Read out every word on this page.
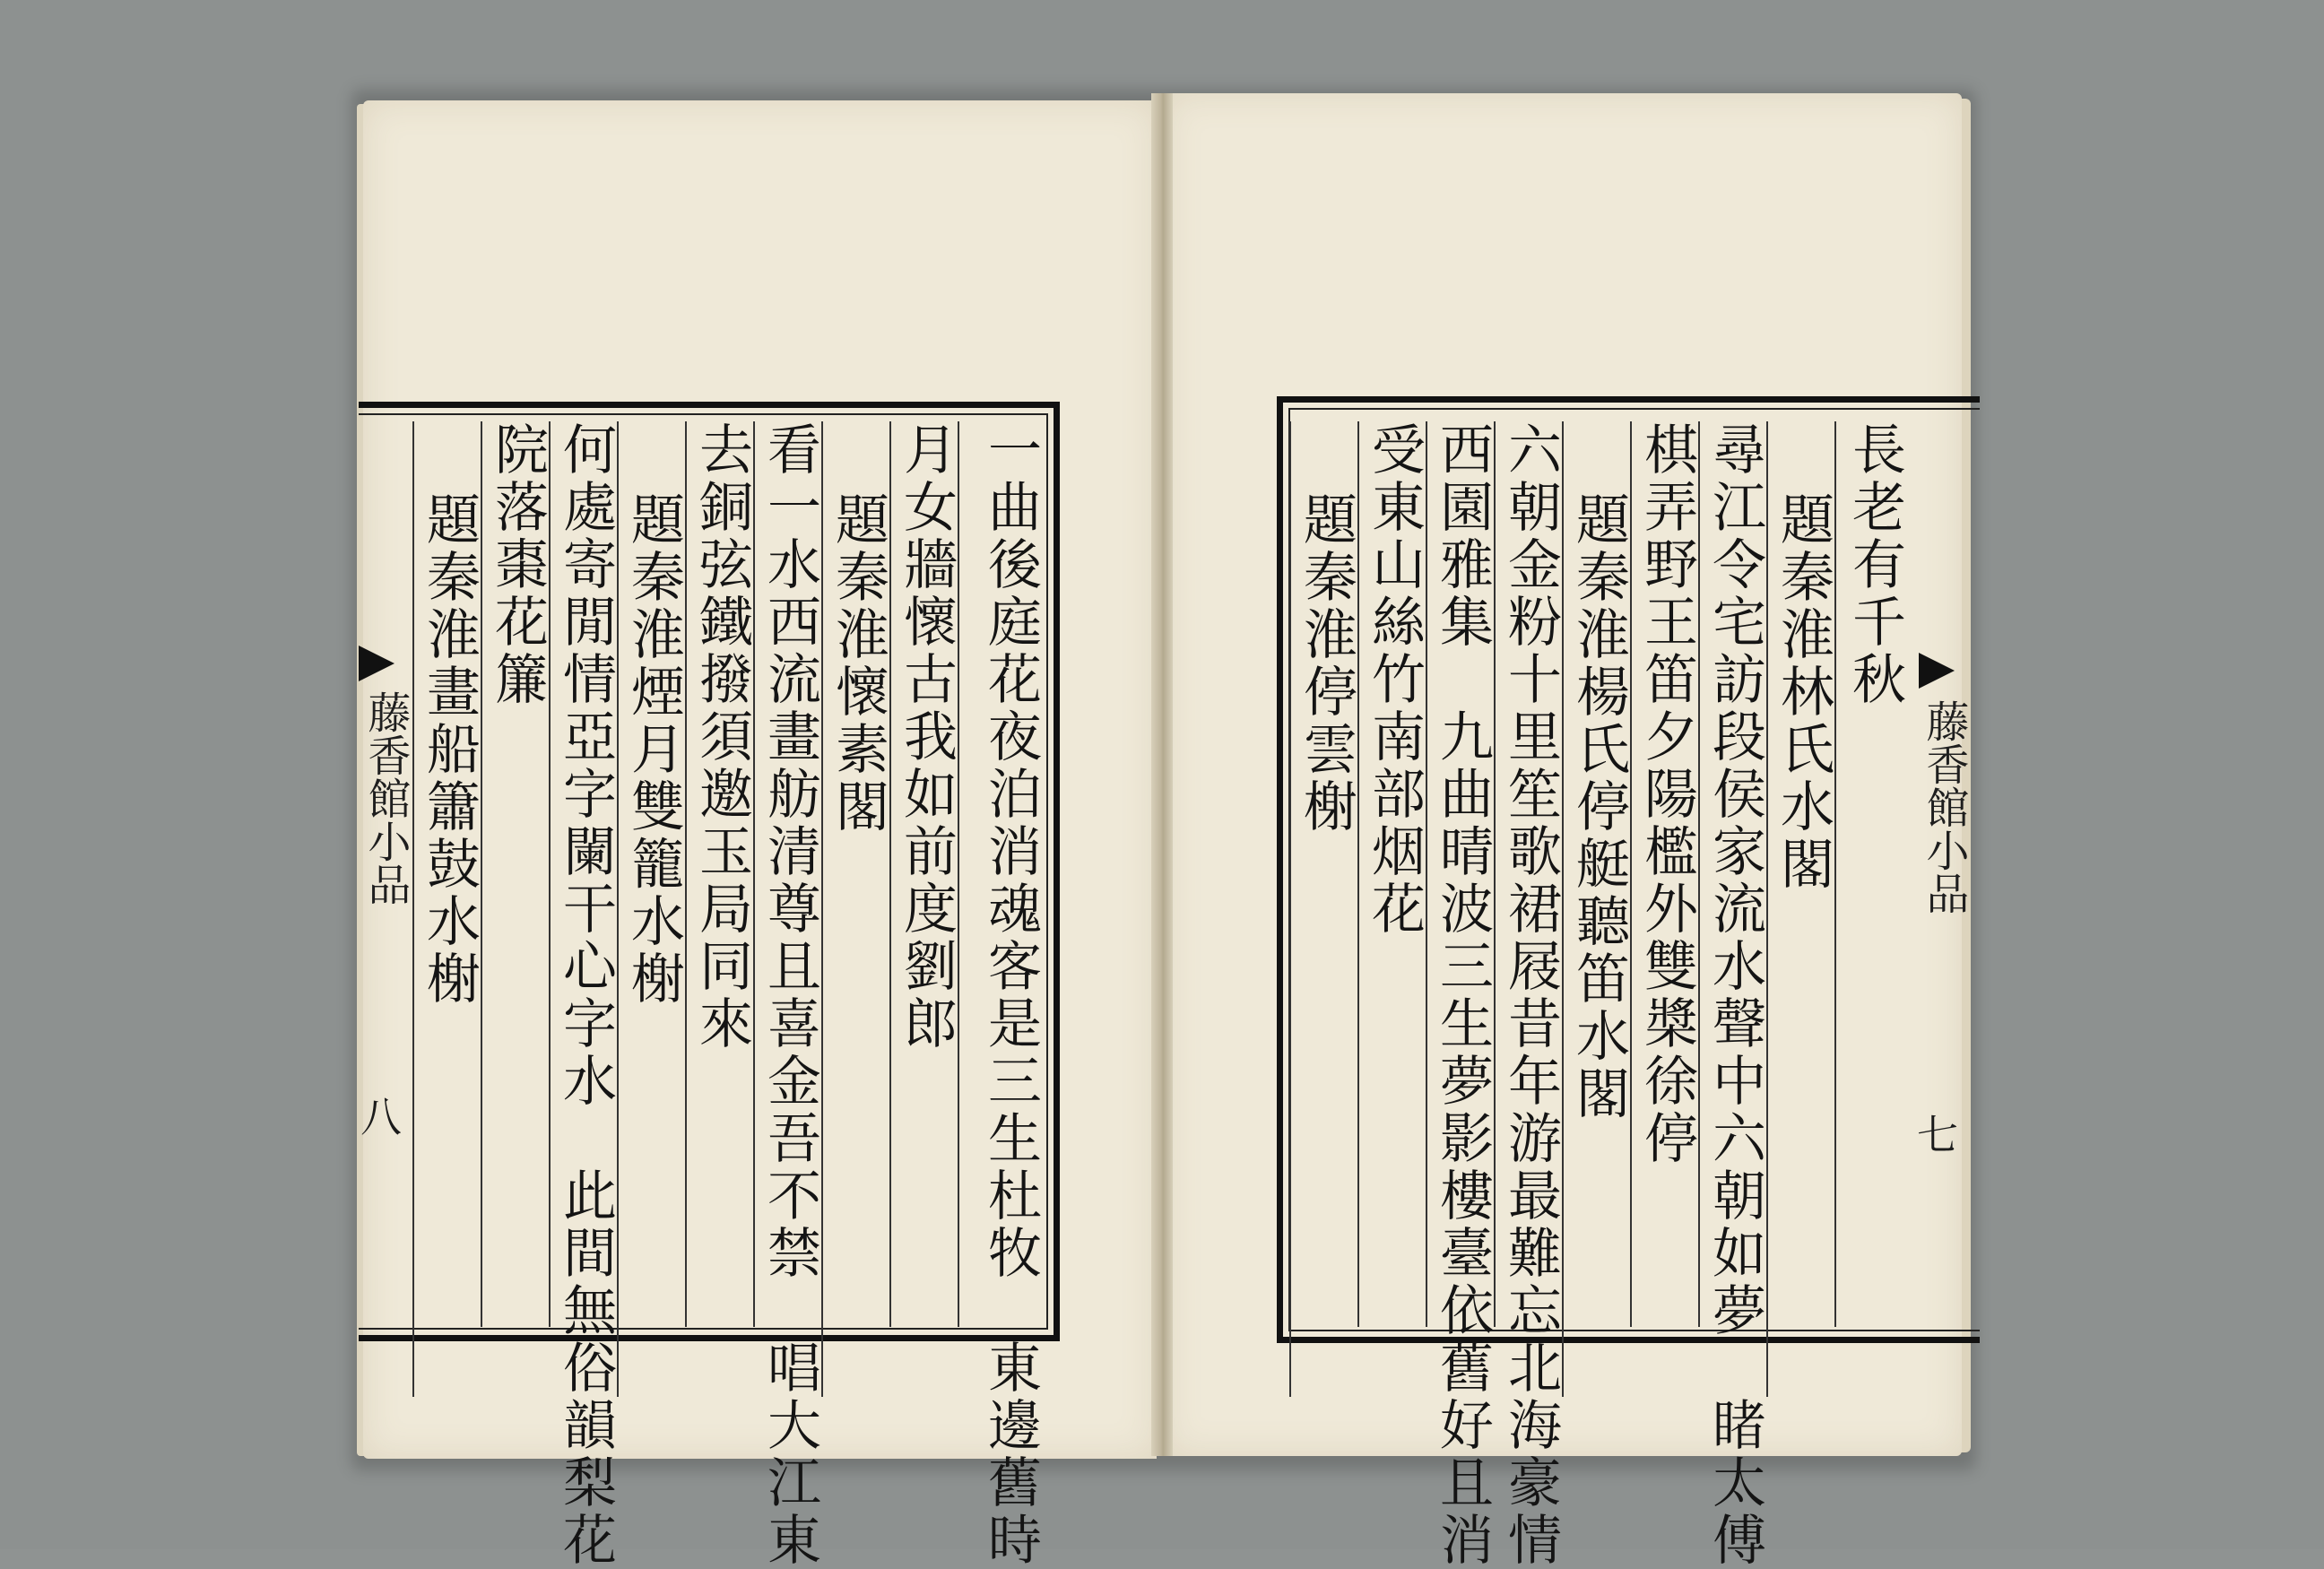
藤香館小品
八	一曲後庭花夜泊消魂客是三生杜牧　東邊舊時
月女牆懷古我如前度劉郎
題秦淮懷素閣
看一水西流畫舫清尊且喜金吾不禁　唱大江東
去銅弦鐵撥須邀玉局同來
題秦淮煙月雙籠水榭
何處寄閒情亞字闌干心字水　此間無俗韻梨花
院落棗花簾
題秦淮畫船簫鼓水榭	藤香館小品
七
長老有千秋
題秦淮林氏水閣
尋江令宅訪段侯家流水聲中六朝如夢　睹太傅
棋弄野王笛夕陽檻外雙槳徐停
題秦淮楊氏停艇聽笛水閣
六朝金粉十里笙歌裙屐昔年游最難忘北海豪情
西園雅集　九曲晴波三生夢影樓臺依舊好且消
受東山絲竹南部烟花
題秦淮停雲榭
